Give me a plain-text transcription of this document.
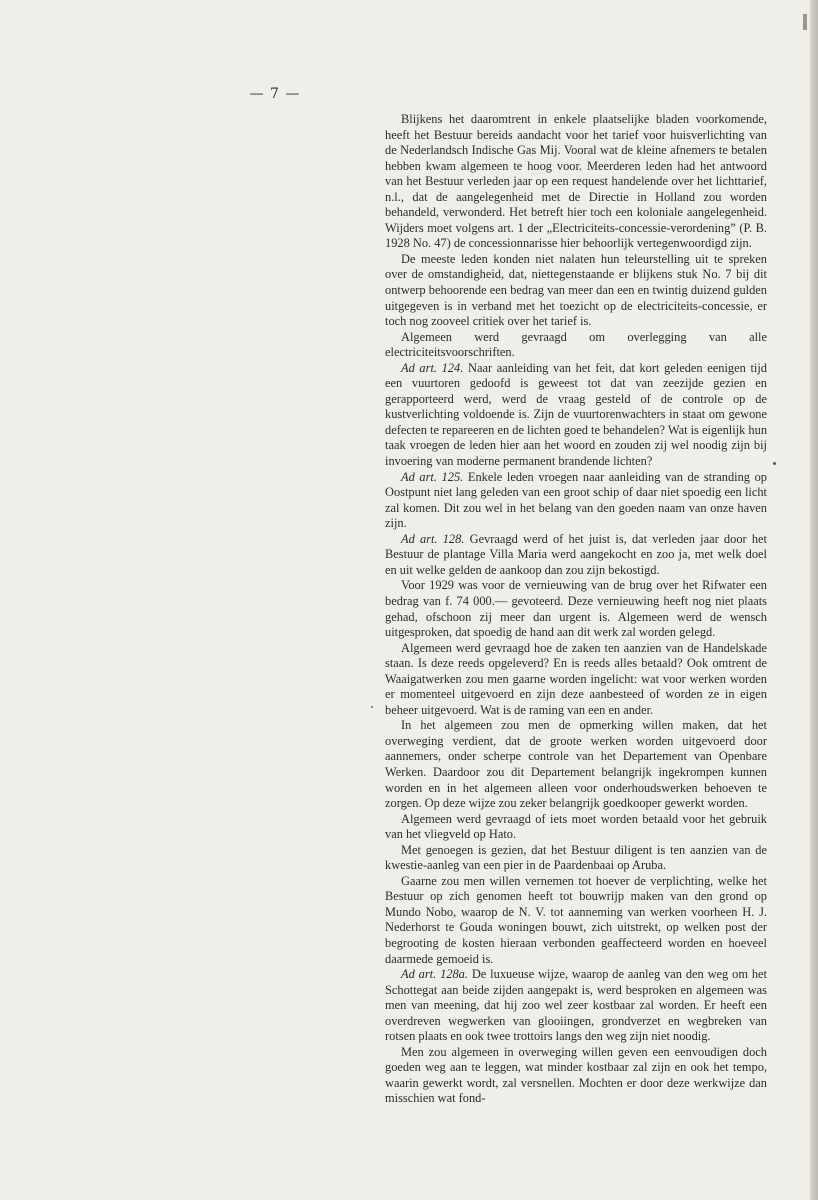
— 7 —

Blijkens het daaromtrent in enkele plaatselijke bladen voorkomende, heeft het Bestuur bereids aandacht voor het tarief voor huisverlichting van de Nederlandsch Indische Gas Mij. Vooral wat de kleine afnemers te betalen hebben kwam algemeen te hoog voor. Meerderen leden had het antwoord van het Bestuur verleden jaar op een request handelende over het lichttarief, n.l., dat de aangelegenheid met de Directie in Holland zou worden behandeld, verwonderd. Het betreft hier toch een koloniale aangelegenheid. Wijders moet volgens art. 1 der „Electriciteits-concessie-verordening” (P. B. 1928 No. 47) de concessionnarisse hier behoorlijk vertegenwoordigd zijn.

De meeste leden konden niet nalaten hun teleurstelling uit te spreken over de omstandigheid, dat, niettegenstaande er blijkens stuk No. 7 bij dit ontwerp behoorende een bedrag van meer dan een en twintig duizend gulden uitgegeven is in verband met het toezicht op de electriciteits-concessie, er toch nog zooveel critiek over het tarief is.

Algemeen werd gevraagd om overlegging van alle electriciteitsvoorschriften.

Ad art. 124. Naar aanleiding van het feit, dat kort geleden eenigen tijd een vuurtoren gedoofd is geweest tot dat van zeezijde gezien en gerapporteerd werd, werd de vraag gesteld of de controle op de kustverlichting voldoende is. Zijn de vuurtorenwachters in staat om gewone defecten te repareeren en de lichten goed te behandelen? Wat is eigenlijk hun taak vroegen de leden hier aan het woord en zouden zij wel noodig zijn bij invoering van moderne permanent brandende lichten?

Ad art. 125. Enkele leden vroegen naar aanleiding van de stranding op Oostpunt niet lang geleden van een groot schip of daar niet spoedig een licht zal komen. Dit zou wel in het belang van den goeden naam van onze haven zijn.

Ad art. 128. Gevraagd werd of het juist is, dat verleden jaar door het Bestuur de plantage Villa Maria werd aangekocht en zoo ja, met welk doel en uit welke gelden de aankoop dan zou zijn bekostigd.

Voor 1929 was voor de vernieuwing van de brug over het Rifwater een bedrag van f. 74 000.— gevoteerd. Deze vernieuwing heeft nog niet plaats gehad, ofschoon zij meer dan urgent is. Algemeen werd de wensch uitgesproken, dat spoedig de hand aan dit werk zal worden gelegd.

Algemeen werd gevraagd hoe de zaken ten aanzien van de Handelskade staan. Is deze reeds opgeleverd? En is reeds alles betaald? Ook omtrent de Waaigatwerken zou men gaarne worden ingelicht: wat voor werken worden er momenteel uitgevoerd en zijn deze aanbesteed of worden ze in eigen beheer uitgevoerd. Wat is de raming van een en ander.

In het algemeen zou men de opmerking willen maken, dat het overweging verdient, dat de groote werken worden uitgevoerd door aannemers, onder scherpe controle van het Departement van Openbare Werken. Daardoor zou dit Departement belangrijk ingekrompen kunnen worden en in het algemeen alleen voor onderhoudswerken behoeven te zorgen. Op deze wijze zou zeker belangrijk goedkooper gewerkt worden.

Algemeen werd gevraagd of iets moet worden betaald voor het gebruik van het vliegveld op Hato.

Met genoegen is gezien, dat het Bestuur diligent is ten aanzien van de kwestie-aanleg van een pier in de Paardenbaai op Aruba.

Gaarne zou men willen vernemen tot hoever de verplichting, welke het Bestuur op zich genomen heeft tot bouwrijp maken van den grond op Mundo Nobo, waarop de N. V. tot aanneming van werken voorheen H. J. Nederhorst te Gouda woningen bouwt, zich uitstrekt, op welken post der begrooting de kosten hieraan verbonden geaffecteerd worden en hoeveel daarmede gemoeid is.

Ad art. 128a. De luxueuse wijze, waarop de aanleg van den weg om het Schottegat aan beide zijden aangepakt is, werd besproken en algemeen was men van meening, dat hij zoo wel zeer kostbaar zal worden. Er heeft een overdreven wegwerken van glooiingen, grondverzet en wegbreken van rotsen plaats en ook twee trottoirs langs den weg zijn niet noodig.

Men zou algemeen in overweging willen geven een eenvoudigen doch goeden weg aan te leggen, wat minder kostbaar zal zijn en ook het tempo, waarin gewerkt wordt, zal versnellen. Mochten er door deze werkwijze dan misschien wat fond-
